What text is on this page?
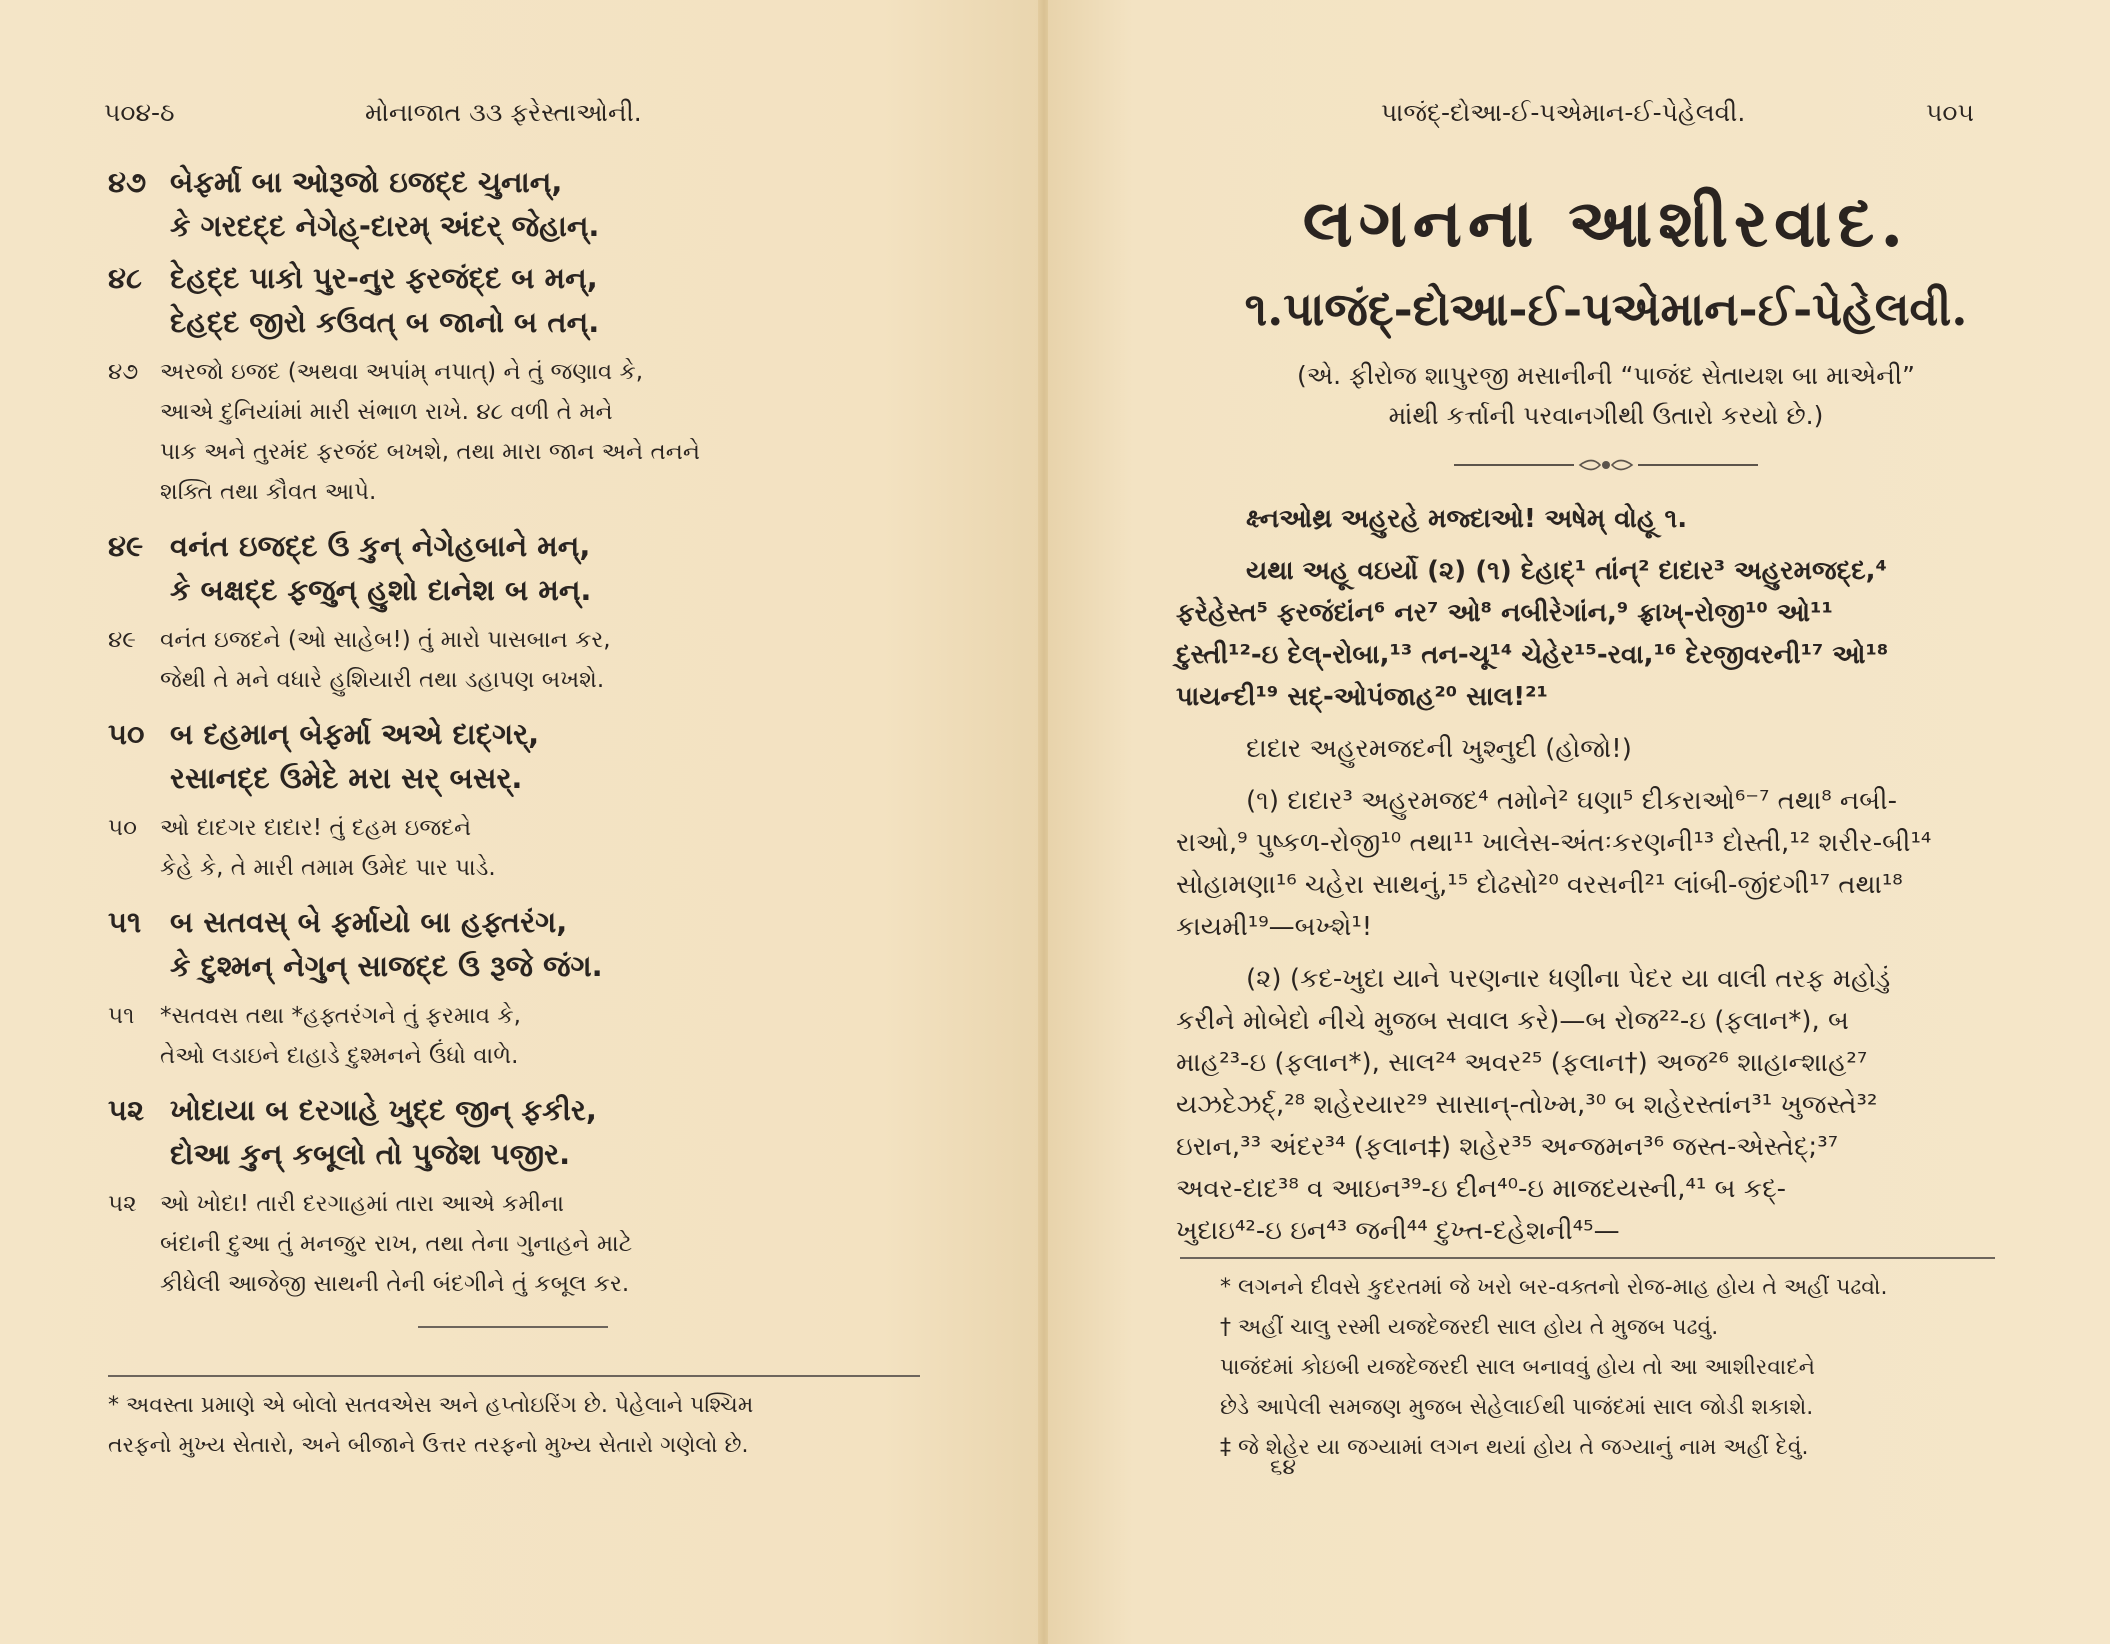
૫૦૪-ઠ	મોનાજાત ૩૩ ફરેસ્તાઓની.
૪૭ બેફર્મા બા ઓરૂજો ઇજદ્દ ચુનાન્,
કે ગરદદ્દ નેગેહ્-દારમ્ અંદર્ જેહાન્.
૪૮ દેહદ્દ પાકો પુર-નુર ફરજંદ્દ બ મન્,
દેહદ્દ જીરો કઉવત્ બ જાનો બ તન્.
૪૭ અરજો ઇજદ (અથવા અપાંમ્ નપાત્) ને તું જણાવ કે,
આએ દુનિયાંમાં મારી સંભાળ રાખે. ૪૮ વળી તે મને
પાક અને તુરમંદ ફરજંદ બખશે, તથા મારા જાન અને તનને
શક્તિ તથા કૌવત આપે.
૪૯ વનંત ઇજદ્દ ઉ કુન્ નેગેહબાને મન્,
કે બક્ષદ્દ ફજુન્ હુશો દાનેશ બ મન્.
૪૯ વનંત ઇજદને (ઓ સાહેબ!) તું મારો પાસબાન કર,
જેથી તે મને વધારે હુશિયારી તથા ડહાપણ બખશે.
૫૦ બ દહમાન્ બેફર્મા અએ દાદ્ગર્,
રસાનદ્દ ઉમેદે મરા સર્ બસર્.
૫૦ ઓ દાદગર દાદાર! તું દહમ ઇજદને
કેહે કે, તે મારી તમામ ઉમેદ પાર પાડે.
૫૧ બ સતવસ્ બે ફર્માયો બા હફ્તરંગ,
કે દુશ્મન્ નેગુન્ સાજદ્દ ઉ રૂજે જંગ.
૫૧ *સતવસ તથા *હફ્તરંગને તું ફરમાવ કે,
તેઓ લડાઇને દાહાડે દુશ્મનને ઉંધો વાળે.
૫૨ ખોદાયા બ દરગાહે ખુદ્દ જીન્ ફકીર,
દોઆ કુન્ કબૂલો તો પુજેશ પજીર.
૫૨ ઓ ખોદા! તારી દરગાહમાં તારા આએ કમીના
બંદાની દુઆ તું મનજુર રાખ, તથા તેના ગુનાહને માટે
કીધેલી આજેજી સાથની તેની બંદગીને તું કબૂલ કર.
પાજંદ્-દોઆ-ઈ-પએમાન-ઈ-પેહેલવી.	૫૦૫
લગનના આશીરવાદ.
૧.પાજંદ્-દોઆ-ઈ-પએમાન-ઈ-પેહેલવી.
(એ. ફીરોજ શાપુરજી મસાનીની “પાજંદ સેતાયશ બા માએની”
માંથી કર્ત્તાની પરવાનગીથી ઉતારો કરયો છે.)
ક્ષ્નઓથ્ર અહુરહે મજ્દાઓ! અષેમ્ વોહૂ ૧.
યથા અહૂ વઇર્યો (૨) (૧) દેહાદ્¹ તાંન્² દાદાર³ અહુરમજદ્દ,⁴
ફરેહેસ્ત⁵ ફરજંદાંન⁶ નર⁷ ઓ⁸ નબીરેગાંન,⁹ ફ્રાખ્-રોજી¹⁰ ઓ¹¹
દુસ્તી¹²-ઇ દેલ્-રોબા,¹³ તન-ચૂ¹⁴ ચેહેર¹⁵-રવા,¹⁶ દેરજીવરની¹⁷ ઓ¹⁸
પાયન્દી¹⁹ સદ્-ઓપંજાહ²⁰ સાલ!²¹
દાદાર અહુરમજદની ખુશ્નુદી (હોજો!)
(૧) દાદાર³ અહુરમજદ⁴ તમોને² ઘણા⁵ દીકરાઓ⁶⁻⁷ તથા⁸ નબી-
રાઓ,⁹ પુષ્કળ-રોજી¹⁰ તથા¹¹ ખાલેસ-અંતઃકરણની¹³ દોસ્તી,¹² શરીર-બી¹⁴
સોહામણા¹⁶ ચહેરા સાથનું,¹⁵ દોઢસો²⁰ વરસની²¹ લાંબી-જીંદગી¹⁷ તથા¹⁸
કાયમી¹⁹—બખ્શે¹!
(૨) (કદ-ખુદા યાને પરણનાર ધણીના પેદર યા વાલી તરફ મહોડું
કરીને મોબેદો નીચે મુજબ સવાલ કરે)—બ રોજ²²-ઇ (ફલાન*), બ
માહ²³-ઇ (ફલાન*), સાલ²⁴ અવર²⁵ (ફલાન†) અજ²⁶ શાહાન્શાહ²⁷
યઝદેઝર્દ્,²⁸ શહેરયાર²⁹ સાસાન્-તોખ્મ,³⁰ બ શહેરસ્તાંન³¹ ખુજસ્તે³²
ઇરાન,³³ અંદર³⁴ (ફલાન‡) શહેર³⁵ અન્જમન³⁶ જસ્ત-એસ્તેદ્;³⁷
અવર-દાદ³⁸ વ આઇન³⁹-ઇ દીન⁴⁰-ઇ માજદયસ્ની,⁴¹ બ કદ્-
ખુદાઇ⁴²-ઇ ઇન⁴³ જની⁴⁴ દુખ્ત-દહેશની⁴⁵—
* અવસ્તા પ્રમાણે એ બોલો સતવએસ અને હપ્તોઇરિંગ છે. પેહેલાને પશ્ચિમ
તરફનો મુખ્ય સેતારો, અને બીજાને ઉત્તર તરફનો મુખ્ય સેતારો ગણેલો છે.
* લગનને દીવસે કુદરતમાં જે ખરો બર-વક્તનો રોજ-માહ હોય તે અહીં પઢવો.
† અહીં ચાલુ રસ્મી યજદેજરદી સાલ હોય તે મુજબ પઢવું.
પાજંદમાં કોઇબી યજદેજરદી સાલ બનાવવું હોય તો આ આશીરવાદને
છેડે આપેલી સમજણ મુજબ સેહેલાઈથી પાજંદમાં સાલ જોડી શકાશે.
‡ જે શેહેર યા જગ્યામાં લગન થયાં હોય તે જગ્યાનું નામ અહીં દેવું.
૬૪
